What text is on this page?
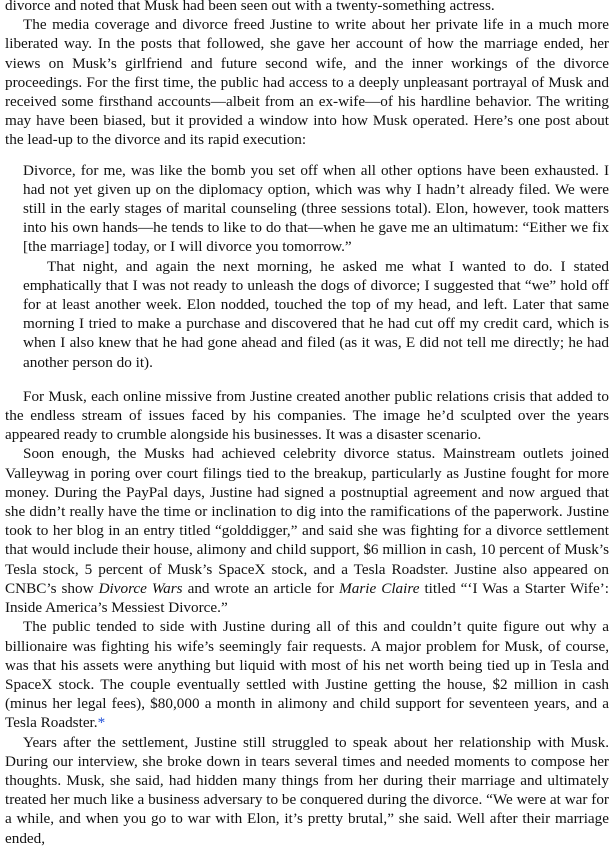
divorce and noted that Musk had been seen out with a twenty-something actress.

The media coverage and divorce freed Justine to write about her private life in a much more liberated way. In the posts that followed, she gave her account of how the marriage ended, her views on Musk’s girlfriend and future second wife, and the inner workings of the divorce proceedings. For the first time, the public had access to a deeply unpleasant portrayal of Musk and received some firsthand accounts—albeit from an ex-wife—of his hardline behavior. The writing may have been biased, but it provided a window into how Musk operated. Here’s one post about the lead-up to the divorce and its rapid execution:

Divorce, for me, was like the bomb you set off when all other options have been exhausted. I had not yet given up on the diplomacy option, which was why I hadn’t already filed. We were still in the early stages of marital counseling (three sessions total). Elon, however, took matters into his own hands—he tends to like to do that—when he gave me an ultimatum: “Either we fix [the marriage] today, or I will divorce you tomorrow.”

That night, and again the next morning, he asked me what I wanted to do. I stated emphatically that I was not ready to unleash the dogs of divorce; I suggested that “we” hold off for at least another week. Elon nodded, touched the top of my head, and left. Later that same morning I tried to make a purchase and discovered that he had cut off my credit card, which is when I also knew that he had gone ahead and filed (as it was, E did not tell me directly; he had another person do it).

For Musk, each online missive from Justine created another public relations crisis that added to the endless stream of issues faced by his companies. The image he’d sculpted over the years appeared ready to crumble alongside his businesses. It was a disaster scenario.

Soon enough, the Musks had achieved celebrity divorce status. Mainstream outlets joined Valleywag in poring over court filings tied to the breakup, particularly as Justine fought for more money. During the PayPal days, Justine had signed a postnuptial agreement and now argued that she didn’t really have the time or inclination to dig into the ramifications of the paperwork. Justine took to her blog in an entry titled “golddigger,” and said she was fighting for a divorce settlement that would include their house, alimony and child support, $6 million in cash, 10 percent of Musk’s Tesla stock, 5 percent of Musk’s SpaceX stock, and a Tesla Roadster. Justine also appeared on CNBC’s show Divorce Wars and wrote an article for Marie Claire titled “‘I Was a Starter Wife’: Inside America’s Messiest Divorce.”

The public tended to side with Justine during all of this and couldn’t quite figure out why a billionaire was fighting his wife’s seemingly fair requests. A major problem for Musk, of course, was that his assets were anything but liquid with most of his net worth being tied up in Tesla and SpaceX stock. The couple eventually settled with Justine getting the house, $2 million in cash (minus her legal fees), $80,000 a month in alimony and child support for seventeen years, and a Tesla Roadster.*

Years after the settlement, Justine still struggled to speak about her relationship with Musk. During our interview, she broke down in tears several times and needed moments to compose her thoughts. Musk, she said, had hidden many things from her during their marriage and ultimately treated her much like a business adversary to be conquered during the divorce. “We were at war for a while, and when you go to war with Elon, it’s pretty brutal,” she said. Well after their marriage ended,
